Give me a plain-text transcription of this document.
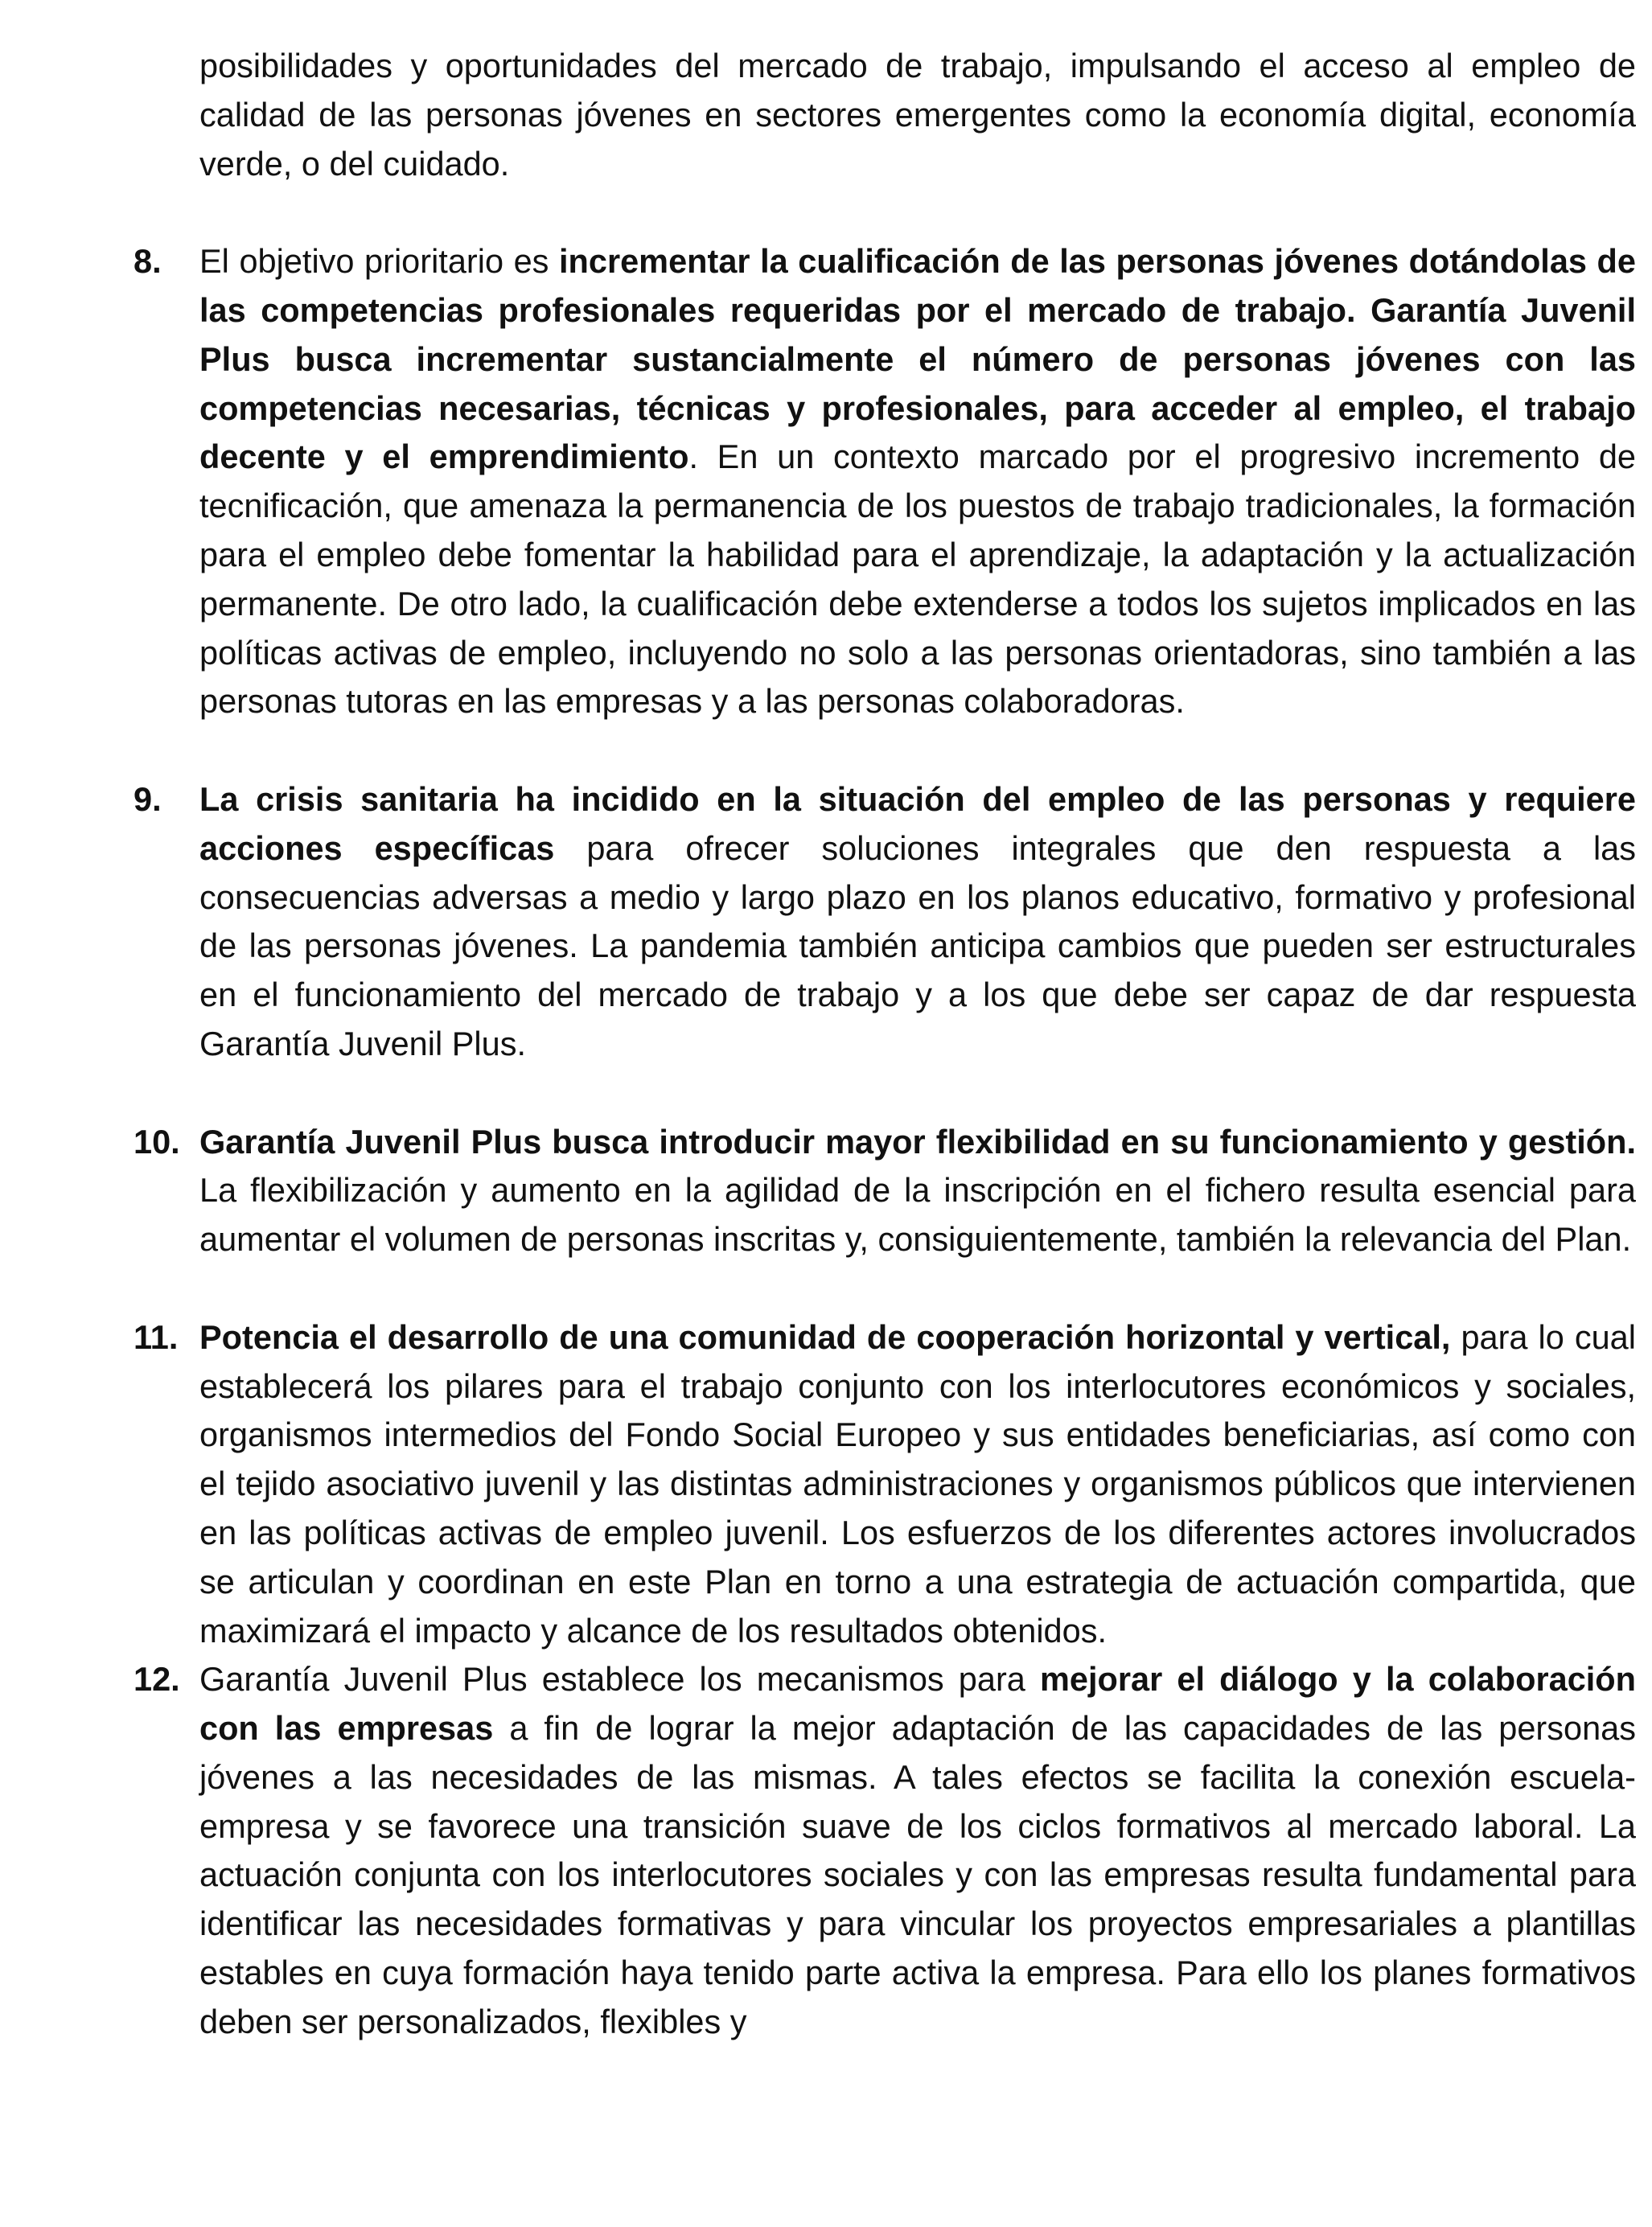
posibilidades y oportunidades del mercado de trabajo, impulsando el acceso al empleo de calidad de las personas jóvenes en sectores emergentes como la economía digital, economía verde, o del cuidado.

8. El objetivo prioritario es incrementar la cualificación de las personas jóvenes dotándolas de las competencias profesionales requeridas por el mercado de trabajo. Garantía Juvenil Plus busca incrementar sustancialmente el número de personas jóvenes con las competencias necesarias, técnicas y profesionales, para acceder al empleo, el trabajo decente y el emprendimiento. En un contexto marcado por el progresivo incremento de tecnificación, que amenaza la permanencia de los puestos de trabajo tradicionales, la formación para el empleo debe fomentar la habilidad para el aprendizaje, la adaptación y la actualización permanente. De otro lado, la cualificación debe extenderse a todos los sujetos implicados en las políticas activas de empleo, incluyendo no solo a las personas orientadoras, sino también a las personas tutoras en las empresas y a las personas colaboradoras.
9. La crisis sanitaria ha incidido en la situación del empleo de las personas y requiere acciones específicas para ofrecer soluciones integrales que den respuesta a las consecuencias adversas a medio y largo plazo en los planos educativo, formativo y profesional de las personas jóvenes. La pandemia también anticipa cambios que pueden ser estructurales en el funcionamiento del mercado de trabajo y a los que debe ser capaz de dar respuesta Garantía Juvenil Plus.
10. Garantía Juvenil Plus busca introducir mayor flexibilidad en su funcionamiento y gestión. La flexibilización y aumento en la agilidad de la inscripción en el fichero resulta esencial para aumentar el volumen de personas inscritas y, consiguientemente, también la relevancia del Plan.
11. Potencia el desarrollo de una comunidad de cooperación horizontal y vertical, para lo cual establecerá los pilares para el trabajo conjunto con los interlocutores económicos y sociales, organismos intermedios del Fondo Social Europeo y sus entidades beneficiarias, así como con el tejido asociativo juvenil y las distintas administraciones y organismos públicos que intervienen en las políticas activas de empleo juvenil. Los esfuerzos de los diferentes actores involucrados se articulan y coordinan en este Plan en torno a una estrategia de actuación compartida, que maximizará el impacto y alcance de los resultados obtenidos.
12. Garantía Juvenil Plus establece los mecanismos para mejorar el diálogo y la colaboración con las empresas a fin de lograr la mejor adaptación de las capacidades de las personas jóvenes a las necesidades de las mismas. A tales efectos se facilita la conexión escuela-empresa y se favorece una transición suave de los ciclos formativos al mercado laboral. La actuación conjunta con los interlocutores sociales y con las empresas resulta fundamental para identificar las necesidades formativas y para vincular los proyectos empresariales a plantillas estables en cuya formación haya tenido parte activa la empresa. Para ello los planes formativos deben ser personalizados, flexibles y
